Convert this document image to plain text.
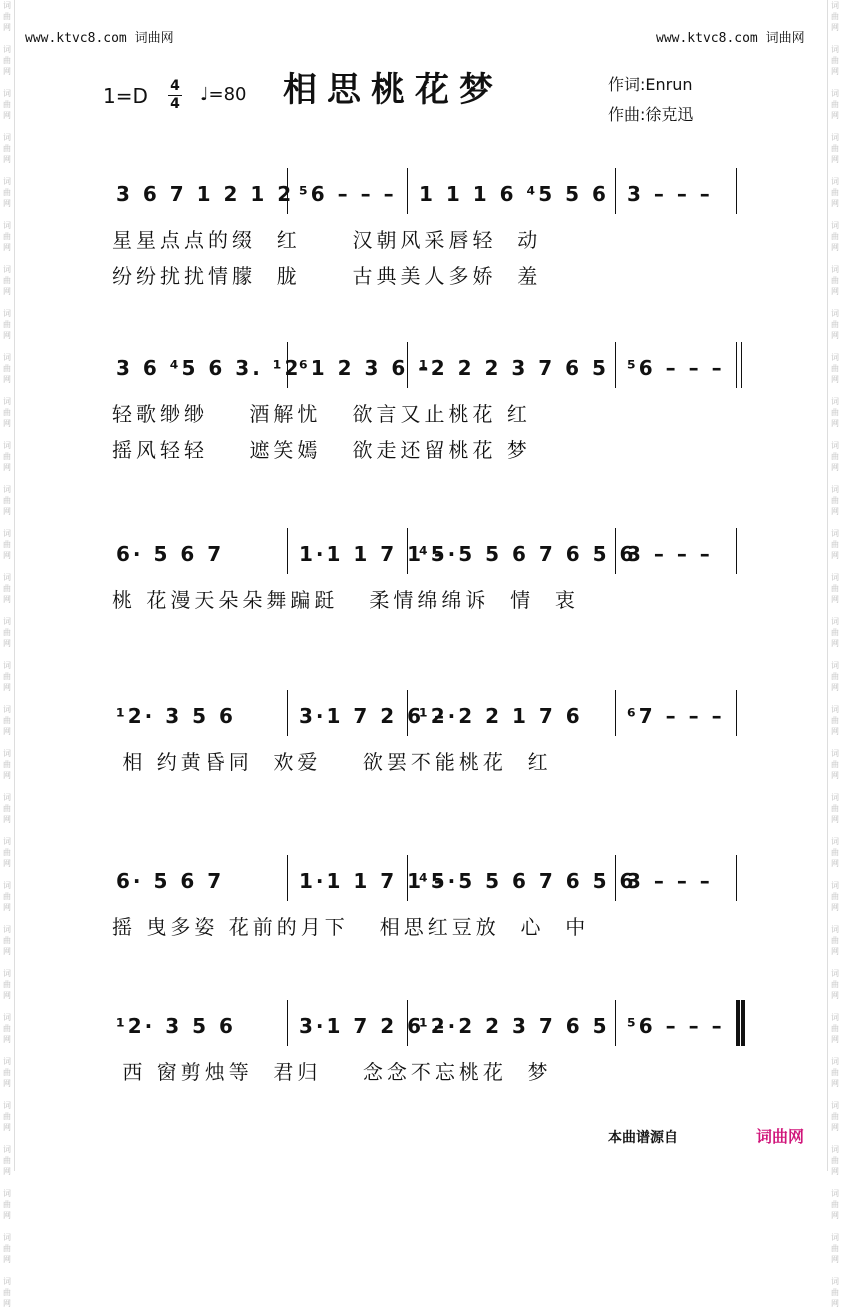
词
曲
网

词
曲
网

词
曲
网

词
曲
网

词
曲
网

词
曲
网

词
曲
网

词
曲
网

词
曲
网

词
曲
网

词
曲
网

词
曲
网

词
曲
网

词
曲
网

词
曲
网

词
曲
网

词
曲
网

词
曲
网

词
曲
网

词
曲
网

词
曲
网

词
曲
网

词
曲
网

词
曲
网

词
曲
网

词
曲
网

词
曲
网

词
曲
网

词
曲
网

词
曲
网

词
曲
网

词
曲
网

词
曲
网

词
曲
网

词
曲
网

词
曲
网

词
曲
网

词
曲
网

词
曲
网

词
曲
网

词
曲
网

词
曲
网

词
曲
网

词
曲
网

词
曲
网

词
曲
网

词
曲
网

词
曲
网

词
曲
网

词
曲
网

词
曲
网

词
曲
网

词
曲
网

词
曲
网

词
曲
网

词
曲
网

词
曲
网

词
曲
网

词
曲
网

词
曲
网

www.ktvc8.com 词曲网	www.ktvc8.com 词曲网
1=D 4
4 ♩=80 相思桃花梦	作词:Enrun
作曲:徐克迅
3 6 7 1 2 1 2 ⁵6 – – – 1 1 1 6 ⁴5 5 6 3 – – –
星星点点的缀  红     汉朝风采唇轻  动
纷纷扰扰情朦  胧     古典美人多娇  羞
3 6 ⁴5 6 3. ¹2
⁶1 2 3 6 –
¹2 2 2 3 7 6 5 ⁵6 – – –
轻歌缈缈    酒解忧   欲言又止桃花 红
摇风轻轻    遮笑嫣   欲走还留桃花 梦
6· 5 6 7	1·1 1 7 1 –
⁴5·5 5 6 7 6 5 6
3 – – –
桃 花漫天朵朵舞蹁跹   柔情绵绵诉  情  衷
¹2· 3 5 6	3·1 7 2 6 –
¹2·2 2 1 7 6 ⁶7 – – –
相 约黄昏同  欢爱    欲罢不能桃花  红
6· 5 6 7	1·1 1 7 1 –
⁴5·5 5 6 7 6 5 6
3 – – –
摇 曳多姿 花前的月下   相思红豆放  心  中
¹2· 3 5 6	3·1 7 2 6 –
¹2·2 2 3 7 6 5 ⁵6 – – –
西 窗剪烛等  君归    念念不忘桃花  梦
本曲谱源自	词曲网
